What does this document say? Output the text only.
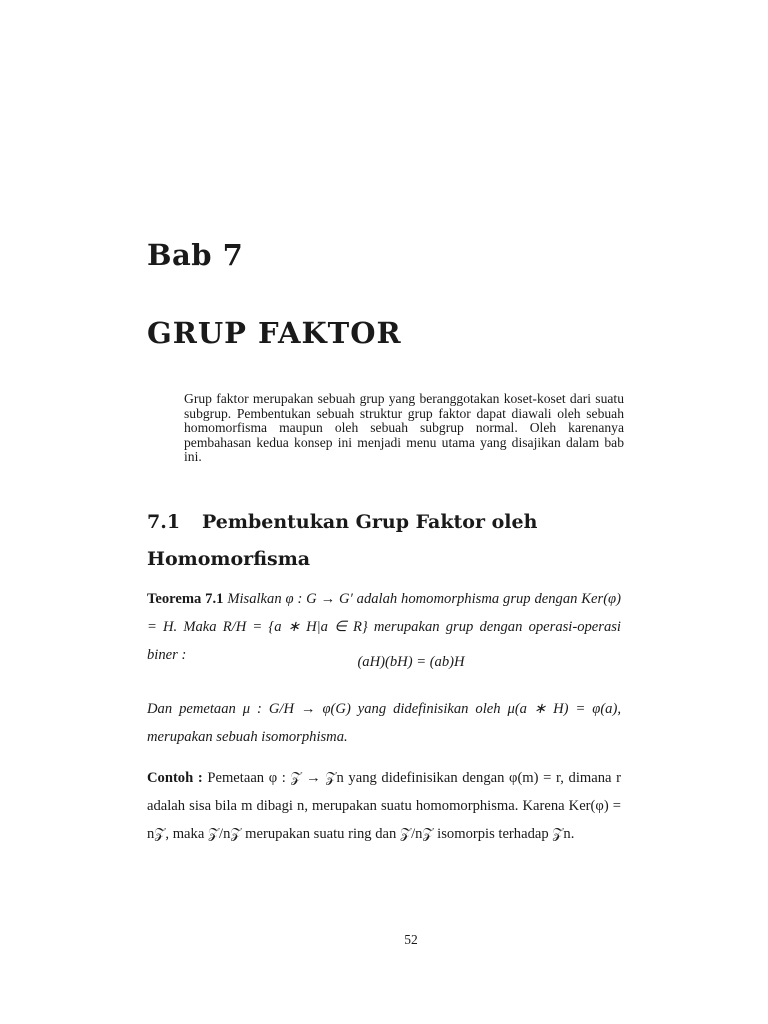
Bab 7
GRUP FAKTOR

Grup faktor merupakan sebuah grup yang beranggotakan koset-koset dari suatu subgrup. Pembentukan sebuah struktur grup faktor dapat diawali oleh sebuah homomorfisma maupun oleh sebuah subgrup normal. Oleh karenanya pembahasan kedua konsep ini menjadi menu utama yang disajikan dalam bab ini.

7.1 Pembentukan Grup Faktor oleh Homomorfisma

Teorema 7.1 Misalkan φ : G → G′ adalah homomorphisma grup dengan Ker(φ) = H. Maka R/H = {a ∗ H|a ∈ R} merupakan grup dengan operasi-operasi biner :	(aH)(bH) = (ab)H

Dan pemetaan μ : G/H → φ(G) yang didefinisikan oleh μ(a ∗ H) = φ(a), merupakan sebuah isomorphisma.

Contoh : Pemetaan φ : 𝒵 → 𝒵n yang didefinisikan dengan φ(m) = r, dimana r adalah sisa bila m dibagi n, merupakan suatu homomorphisma. Karena Ker(φ) = n𝒵, maka 𝒵/n𝒵 merupakan suatu ring dan 𝒵/n𝒵 isomorpis terhadap 𝒵n.

52
